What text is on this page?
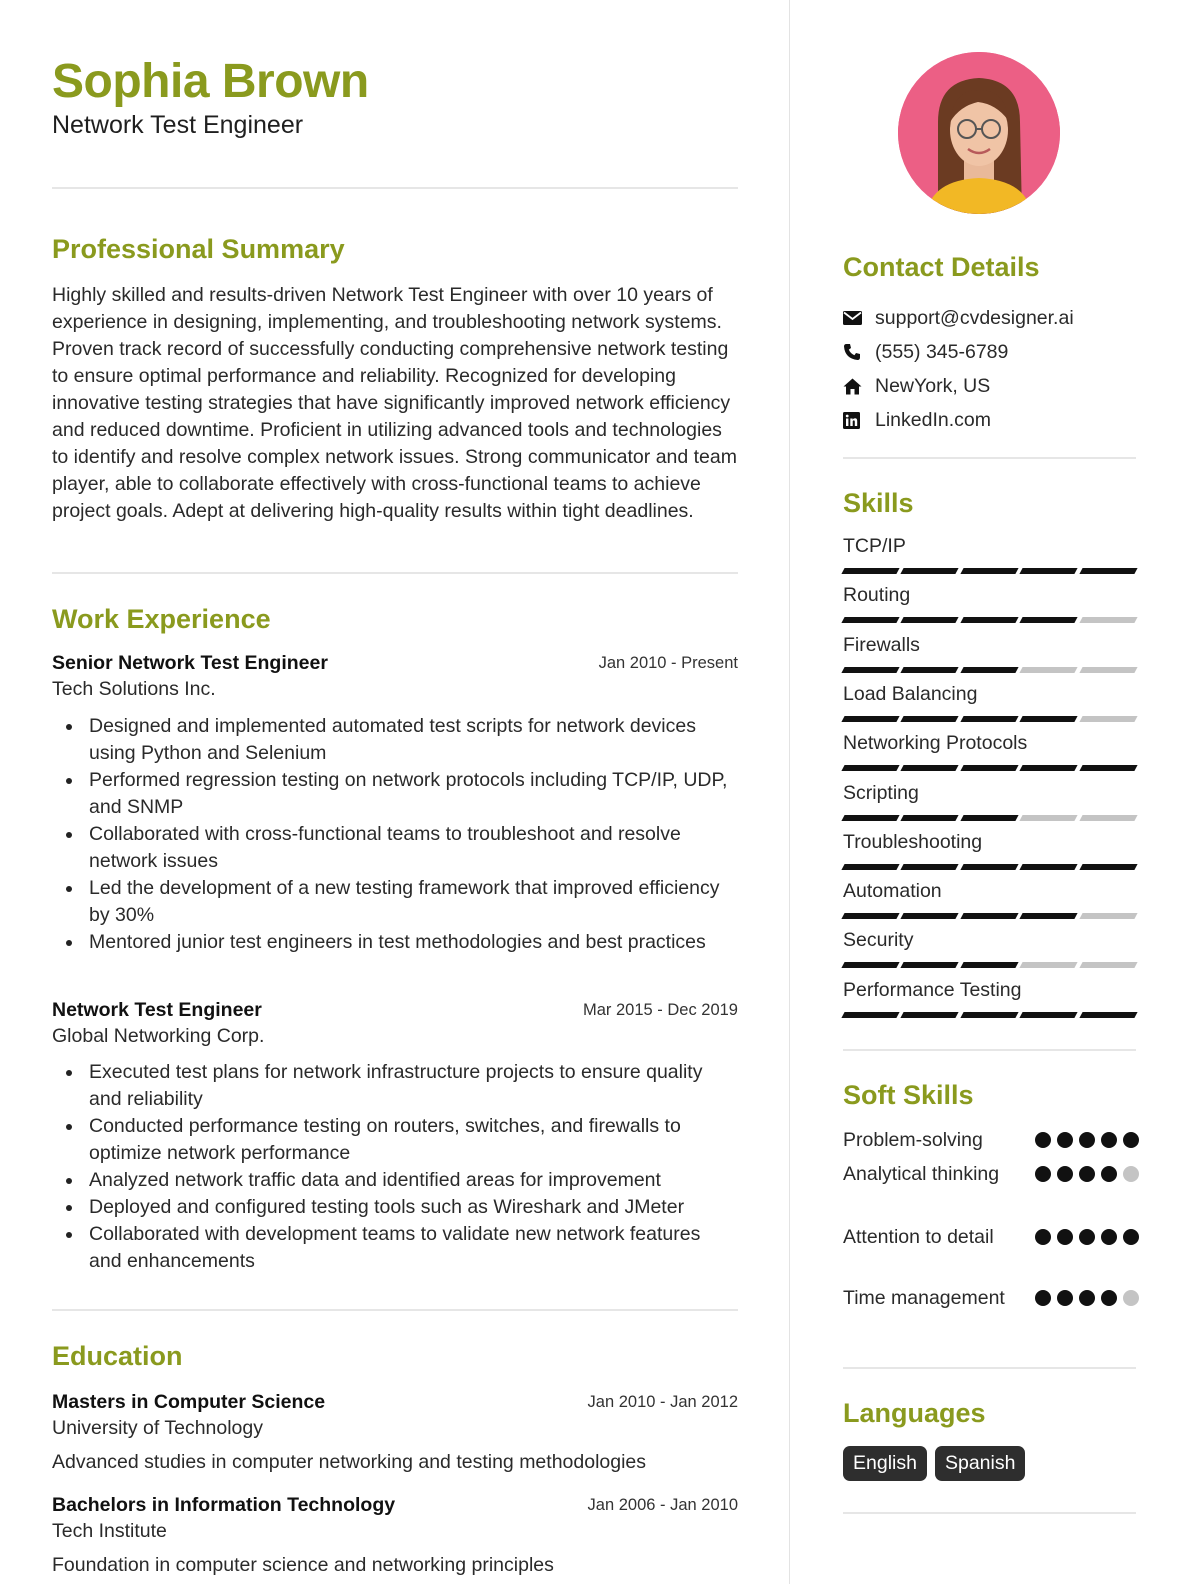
Sophia Brown
Network Test Engineer
Professional Summary
Highly skilled and results-driven Network Test Engineer with over 10 years of experience in designing, implementing, and troubleshooting network systems. Proven track record of successfully conducting comprehensive network testing to ensure optimal performance and reliability. Recognized for developing innovative testing strategies that have significantly improved network efficiency and reduced downtime. Proficient in utilizing advanced tools and technologies to identify and resolve complex network issues. Strong communicator and team player, able to collaborate effectively with cross-functional teams to achieve project goals. Adept at delivering high-quality results within tight deadlines.
Work Experience
Senior Network Test Engineer	Jan 2010 - Present
Tech Solutions Inc.
Designed and implemented automated test scripts for network devices using Python and Selenium
Performed regression testing on network protocols including TCP/IP, UDP, and SNMP
Collaborated with cross-functional teams to troubleshoot and resolve network issues
Led the development of a new testing framework that improved efficiency by 30%
Mentored junior test engineers in test methodologies and best practices
Network Test Engineer	Mar 2015 - Dec 2019
Global Networking Corp.
Executed test plans for network infrastructure projects to ensure quality and reliability
Conducted performance testing on routers, switches, and firewalls to optimize network performance
Analyzed network traffic data and identified areas for improvement
Deployed and configured testing tools such as Wireshark and JMeter
Collaborated with development teams to validate new network features and enhancements
Education
Masters in Computer Science	Jan 2010 - Jan 2012
University of Technology
Advanced studies in computer networking and testing methodologies
Bachelors in Information Technology	Jan 2006 - Jan 2010
Tech Institute
Foundation in computer science and networking principles
Contact Details
support@cvdesigner.ai
(555) 345-6789
NewYork, US
LinkedIn.com
Skills
TCP/IP
Routing
Firewalls
Load Balancing
Networking Protocols
Scripting
Troubleshooting
Automation
Security
Performance Testing
Soft Skills
Problem-solving
Analytical thinking
Attention to detail
Time management
Languages
English	Spanish
